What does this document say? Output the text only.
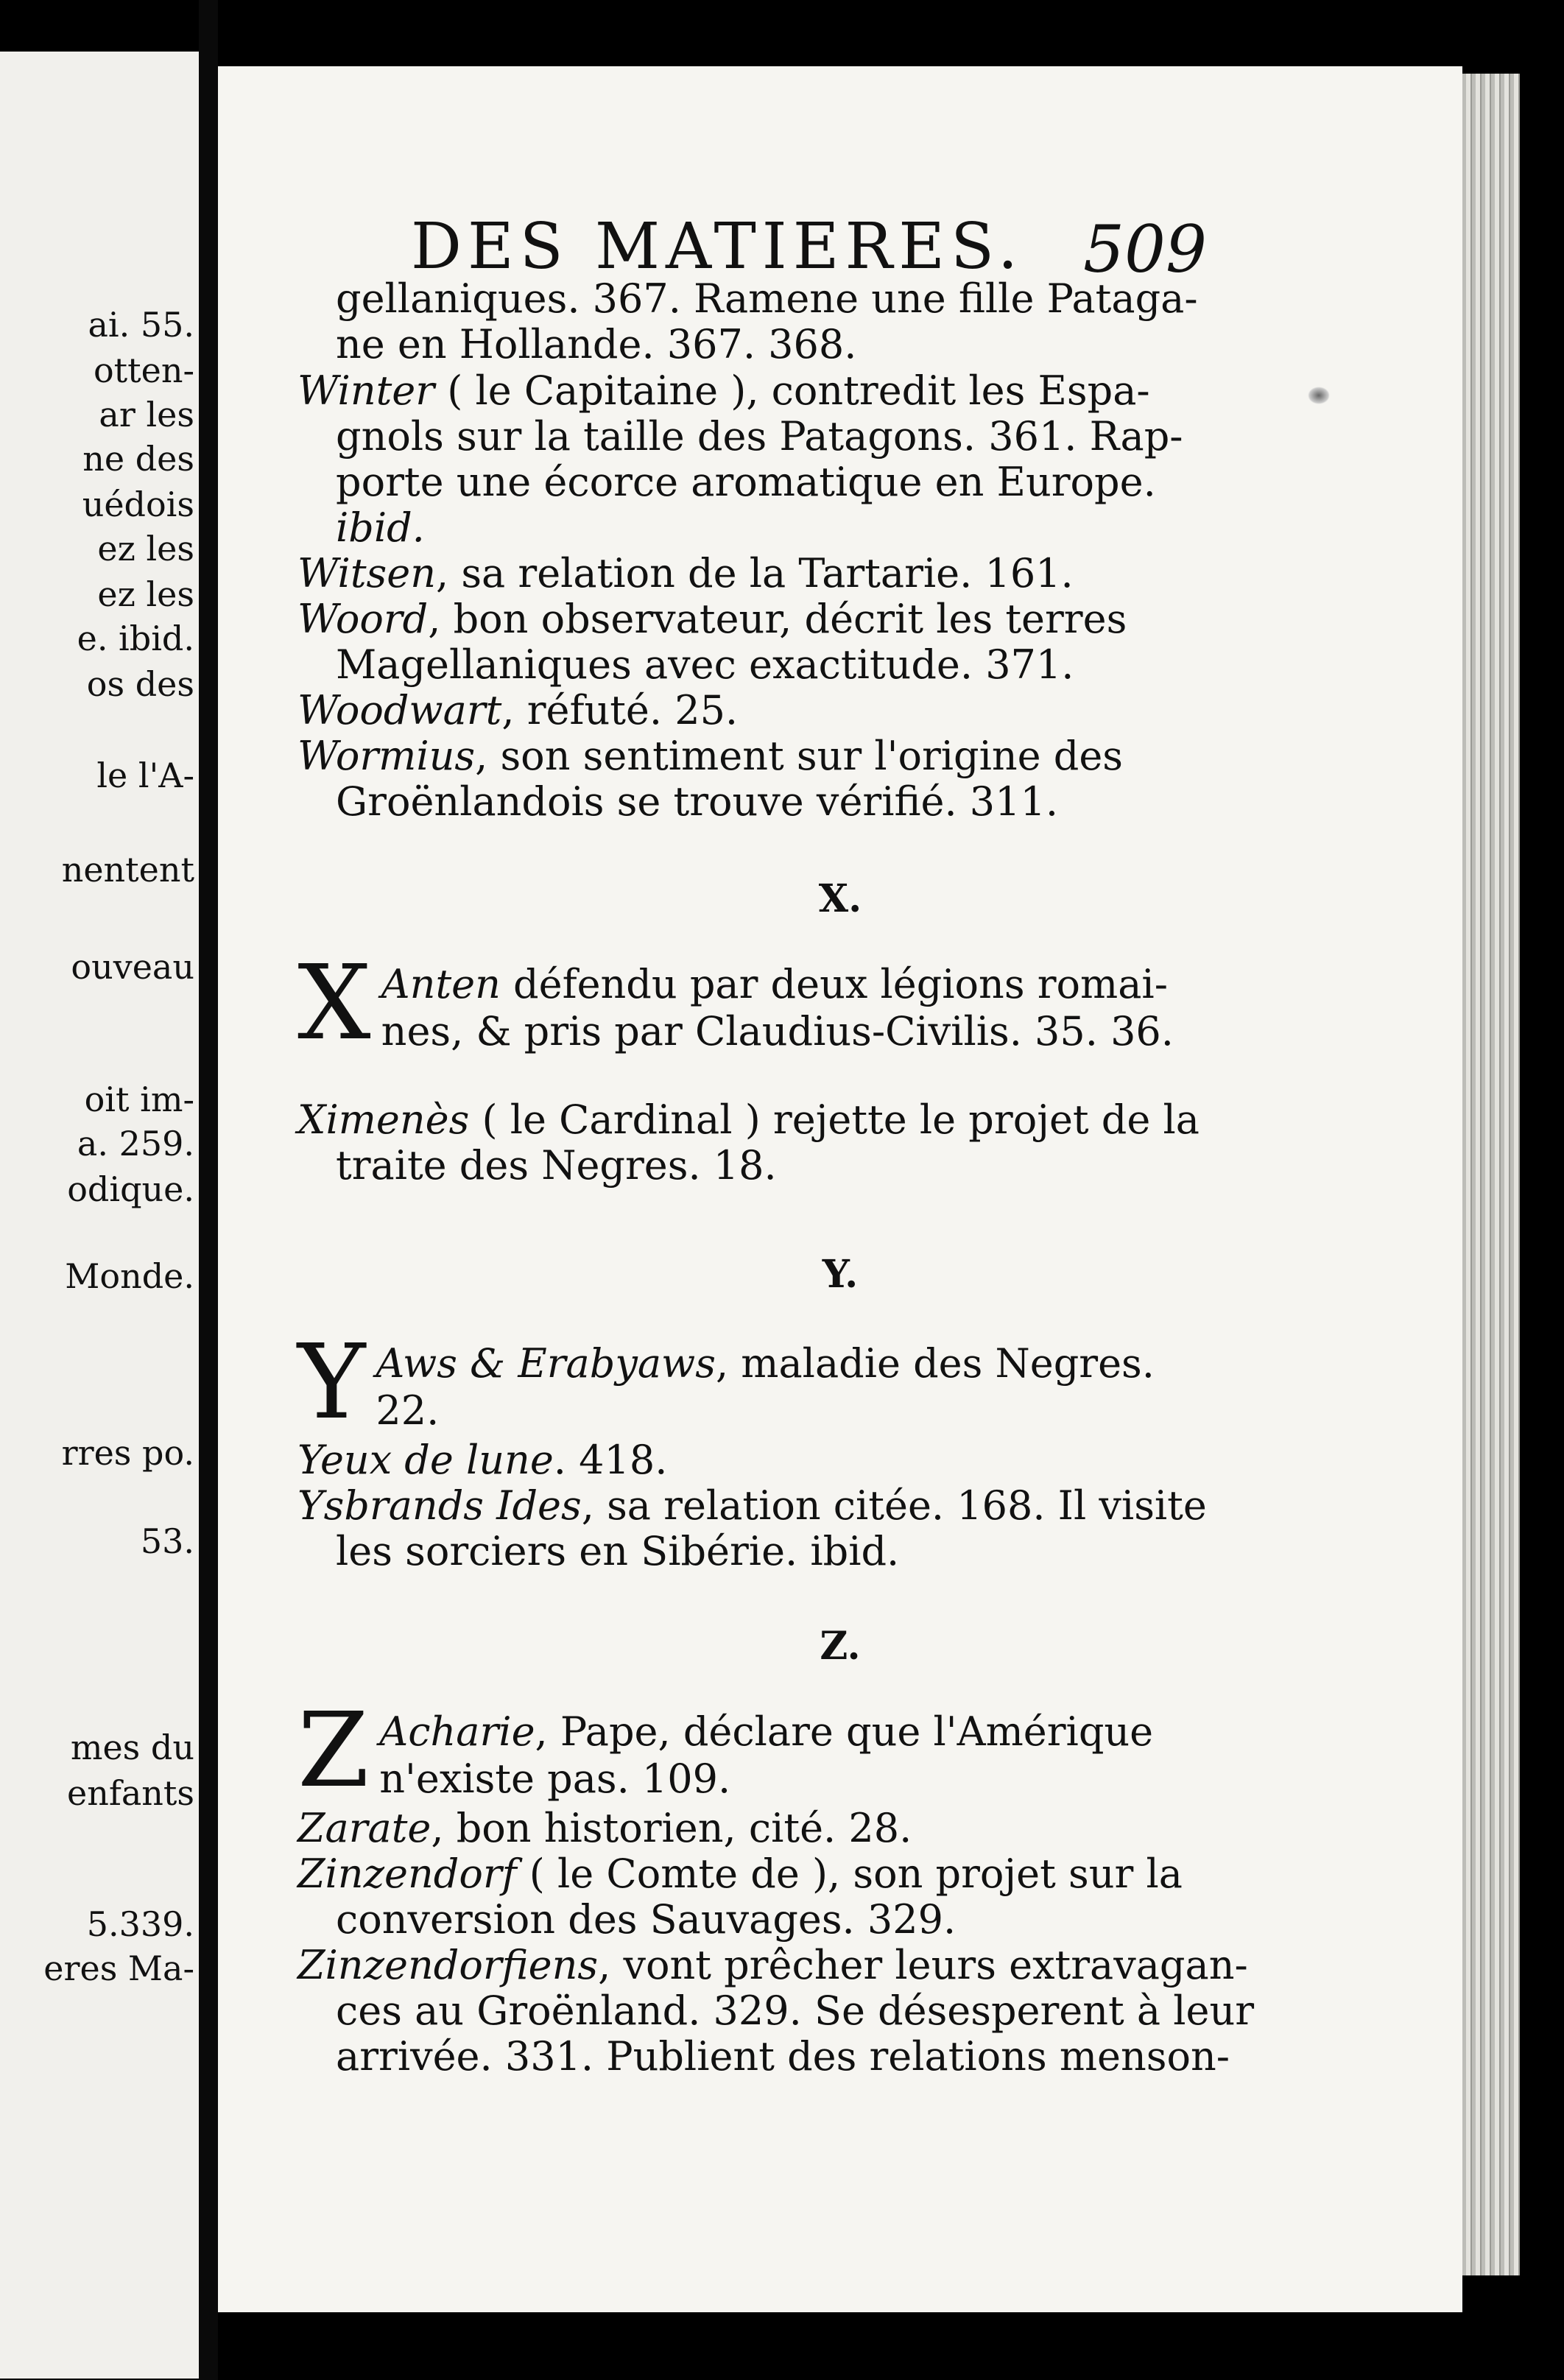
ai. 55.
otten-
ar les
ne des
uédois
ez les
ez les
e. ibid.
os des
le l'A-
nentent
ouveau
oit im-
a. 259.
odique.
Monde.
rres po.
53.
mes du
enfants
5.339.
eres Ma-
DES MATIERES. 509
gellaniques. 367. Ramene une fille Pataga-
ne en Hollande. 367. 368.
Winter ( le Capitaine ), contredit les Espa-
gnols sur la taille des Patagons. 361. Rap-
porte une écorce aromatique en Europe.
ibid.
Witsen, sa relation de la Tartarie. 161.
Woord, bon observateur, décrit les terres
Magellaniques avec exactitude. 371.
Woodwart, réfuté. 25.
Wormius, son sentiment sur l'origine des
Groënlandois se trouve vérifié. 311.
X.
X Anten défendu par deux légions romai-
nes, & pris par Claudius-Civilis. 35. 36.
Ximenès ( le Cardinal ) rejette le projet de la
traite des Negres. 18.
Y.
Y Aws & Erabyaws, maladie des Negres.
22.
Yeux de lune. 418.
Ysbrands Ides, sa relation citée. 168. Il visite
les sorciers en Sibérie. ibid.
Z.
Z Acharie, Pape, déclare que l'Amérique
n'existe pas. 109.
Zarate, bon historien, cité. 28.
Zinzendorf ( le Comte de ), son projet sur la
conversion des Sauvages. 329.
Zinzendorfiens, vont prêcher leurs extravagan-
ces au Groënland. 329. Se désesperent à leur
arrivée. 331. Publient des relations menson-
